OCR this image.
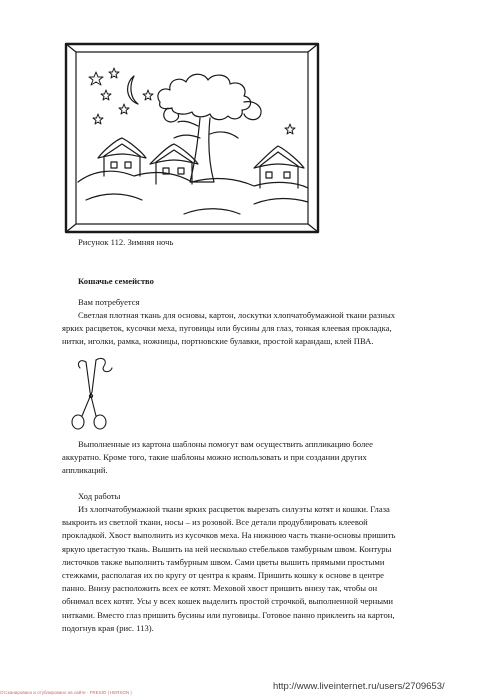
Рисунок 112. Зимняя ночь
Кошачье семейство
Вам потребуется
Светлая плотная ткань для основы, картон, лоскутки хлопчатобумажной ткани разных
ярких расцветок, кусочки меха, пуговицы или бусины для глаз, тонкая клеевая прокладка,
нитки, иголки, рамка, ножницы, портновские булавки, простой карандаш, клей ПВА.
Выполненные из картона шаблоны помогут вам осуществить аппликацию более
аккуратно. Кроме того, такие шаблоны можно использовать и при создании других
аппликаций.
Ход работы
Из хлопчатобумажной ткани ярких расцветок вырезать силуэты котят и кошки. Глаза
выкроить из светлой ткани, носы – из розовой. Все детали продублировать клеевой
прокладкой. Хвост выполнить из кусочков меха. На нижнюю часть ткани-основы пришить
яркую цветастую ткань. Вышить на ней несколько стебельков тамбурным швом. Контуры
листочков также выполнить тамбурным швом. Сами цветы вышить прямыми простыми
стежками, располагая их по кругу от центра к краям. Пришить кошку к основе в центре
панно. Внизу расположить всех ее котят. Меховой хвост пришить внизу так, чтобы он
обнимал всех котят. Усы у всех кошек выделить простой строчкой, выполненной черными
нитками. Вместо глаз пришить бусины или пуговицы. Готовое панно приклеить на картон,
подогнув края (рис. 113).
Отсканировано и отублировано на сайте · FRESIO | HERSON |
http://www.liveinternet.ru/users/2709653/
